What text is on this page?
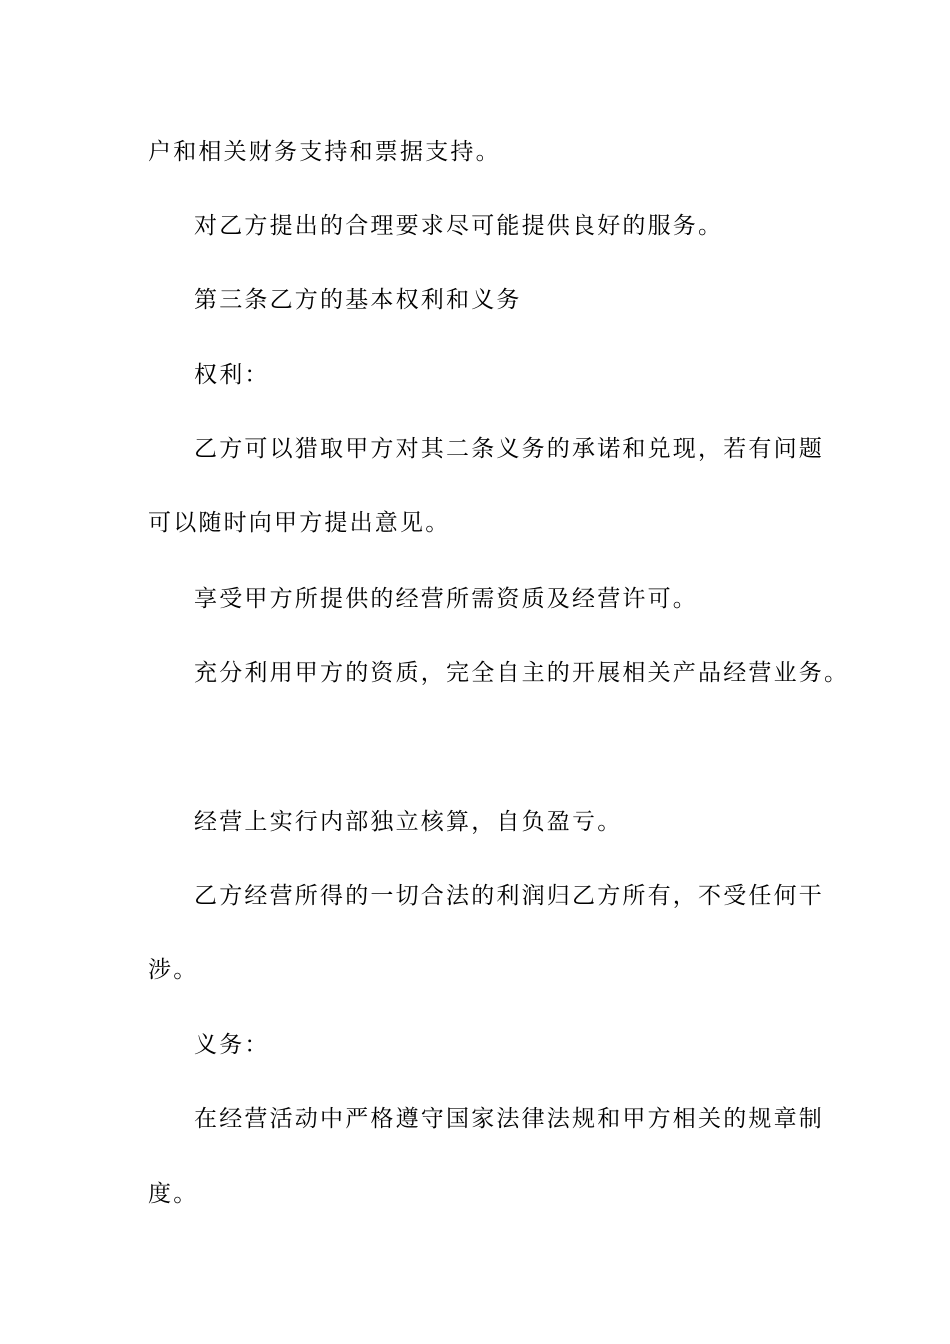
户和相关财务支持和票据支持。
对乙方提出的合理要求尽可能提供良好的服务。
第三条乙方的基本权利和义务
权利：
乙方可以猎取甲方对其二条义务的承诺和兑现，若有问题
可以随时向甲方提出意见。
享受甲方所提供的经营所需资质及经营许可。
充分利用甲方的资质，完全自主的开展相关产品经营业务。
经营上实行内部独立核算，自负盈亏。
乙方经营所得的一切合法的利润归乙方所有，不受任何干
涉。
义务：
在经营活动中严格遵守国家法律法规和甲方相关的规章制
度。
